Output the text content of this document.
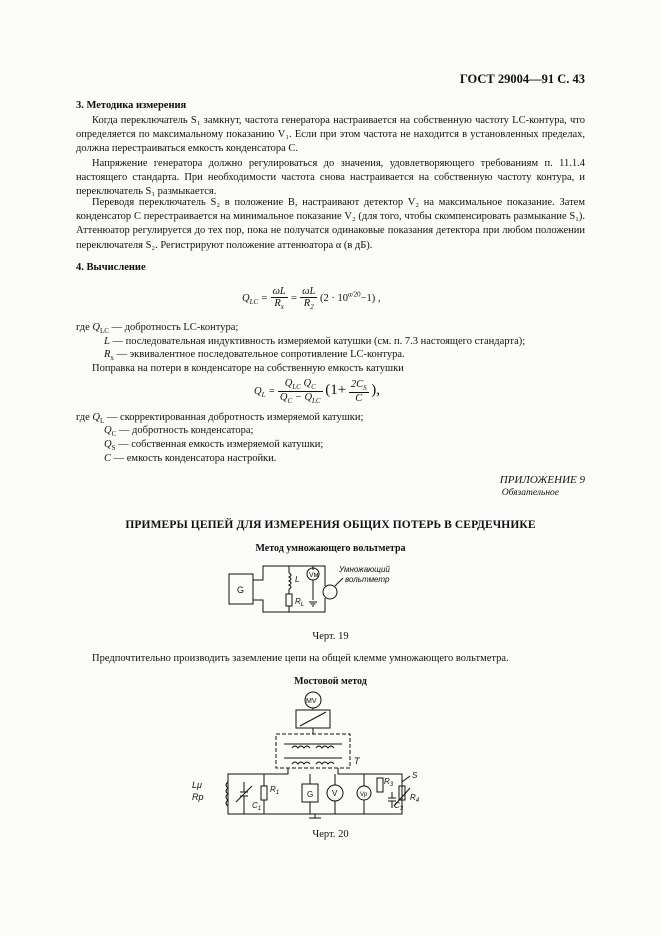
ГОСТ 29004—91 С. 43
3. Методика измерения
Когда переключатель S₁ замкнут, частота генератора настраивается на собственную частоту LC-контура, что определяется по максимальному показанию V₁. Если при этом частота не находится в установленных пределах, должна перестраиваться емкость конденсатора C.
Напряжение генератора должно регулироваться до значения, удовлетворяющего требованиям п. 11.1.4 настоящего стандарта. При необходимости частота снова настраивается на собственную частоту контура, и переключатель S₁ размыкается.
Переводя переключатель S₂ в положение B, настраивают детектор V₂ на максимальное показание. Затем конденсатор C перестраивается на минимальное показание V₂ (для того, чтобы скомпенсировать размыкание S₁). Аттенюатор регулируется до тех пор, пока не получатся одинаковые показания детектора при любом положении переключателя S₂. Регистрируют положение аттенюатора α (в дБ).
4. Вычисление
$Q_{LC} = \frac{\omega L}{R_x} = \frac{\omega L}{R_2} (2 \cdot 10^{\alpha/20}-1)$ ,
где $Q_{LC}$ — добротность LC-контура;
L — последовательная индуктивность измеряемой катушки (см. п. 7.3 настоящего стандарта);
$R_x$ — эквивалентное последовательное сопротивление LC-контура.
Поправка на потери в конденсаторе на собственную емкость катушки
$Q_L = \frac{Q_{LC} Q_C}{Q_C - Q_{LC}} (1+ \frac{2C_S}{C}$ ),
где $Q_L$ — скорректированная добротность измеряемой катушки;
$Q_C$ — добротность конденсатора;
$Q_S$ — собственная емкость измеряемой катушки;
C — емкость конденсатора настройки.
ПРИЛОЖЕНИЕ 9
Обязательное
ПРИМЕРЫ ЦЕПЕЙ ДЛЯ ИЗМЕРЕНИЯ ОБЩИХ ПОТЕРЬ В СЕРДЕЧНИКЕ
Метод умножающего вольтметра
G
L
$R_L$
Vм
Умножающий
вольтметр
Черт. 19
Предпочтительно производить заземление цепи на общей клемме умножающего вольтметра.
Мостовой метод
MV
T
Lμ
Rp
$C_1$
$R_1$	G V	Vp
$R_3$
$C_3$
$R_4$
S
Черт. 20
